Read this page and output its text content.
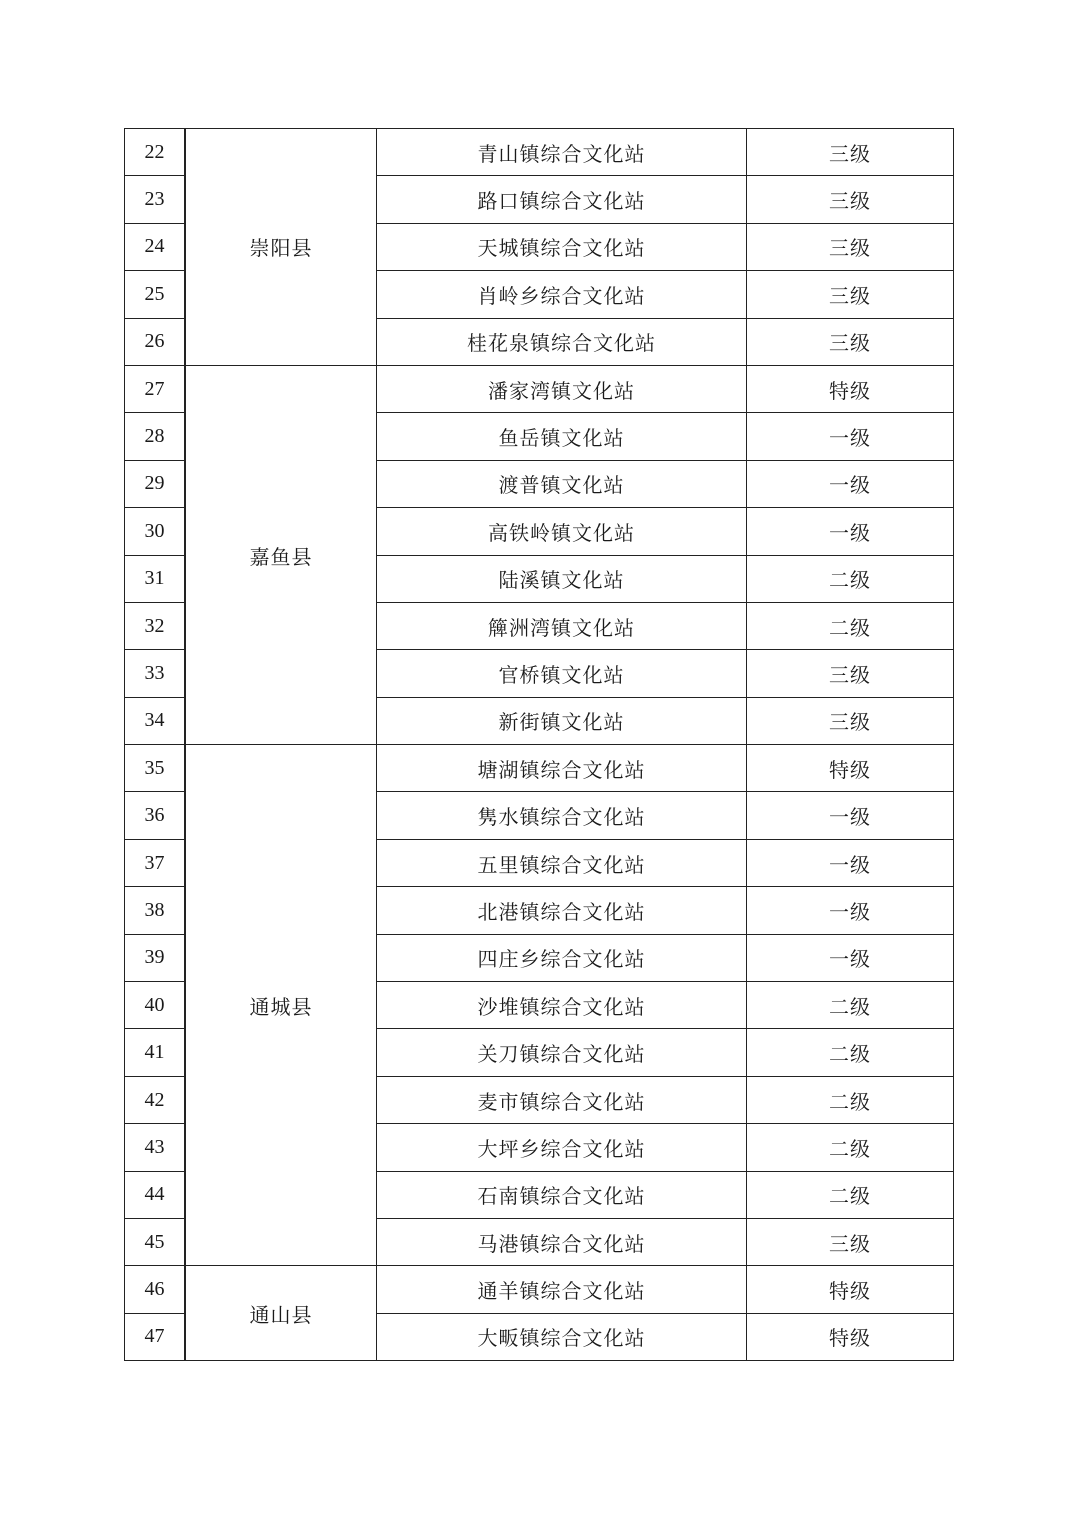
22	崇阳县	青山镇综合文化站	三级
23		路口镇综合文化站	三级
24		天城镇综合文化站	三级
25		肖岭乡综合文化站	三级
26		桂花泉镇综合文化站	三级
27	嘉鱼县	潘家湾镇文化站	特级
28		鱼岳镇文化站	一级
29		渡普镇文化站	一级
30		高铁岭镇文化站	一级
31		陆溪镇文化站	二级
32		簰洲湾镇文化站	二级
33		官桥镇文化站	三级
34		新街镇文化站	三级
35	通城县	塘湖镇综合文化站	特级
36		隽水镇综合文化站	一级
37		五里镇综合文化站	一级
38		北港镇综合文化站	一级
39		四庄乡综合文化站	一级
40		沙堆镇综合文化站	二级
41		关刀镇综合文化站	二级
42		麦市镇综合文化站	二级
43		大坪乡综合文化站	二级
44		石南镇综合文化站	二级
45		马港镇综合文化站	三级
46	通山县	通羊镇综合文化站	特级
47		大畈镇综合文化站	特级
